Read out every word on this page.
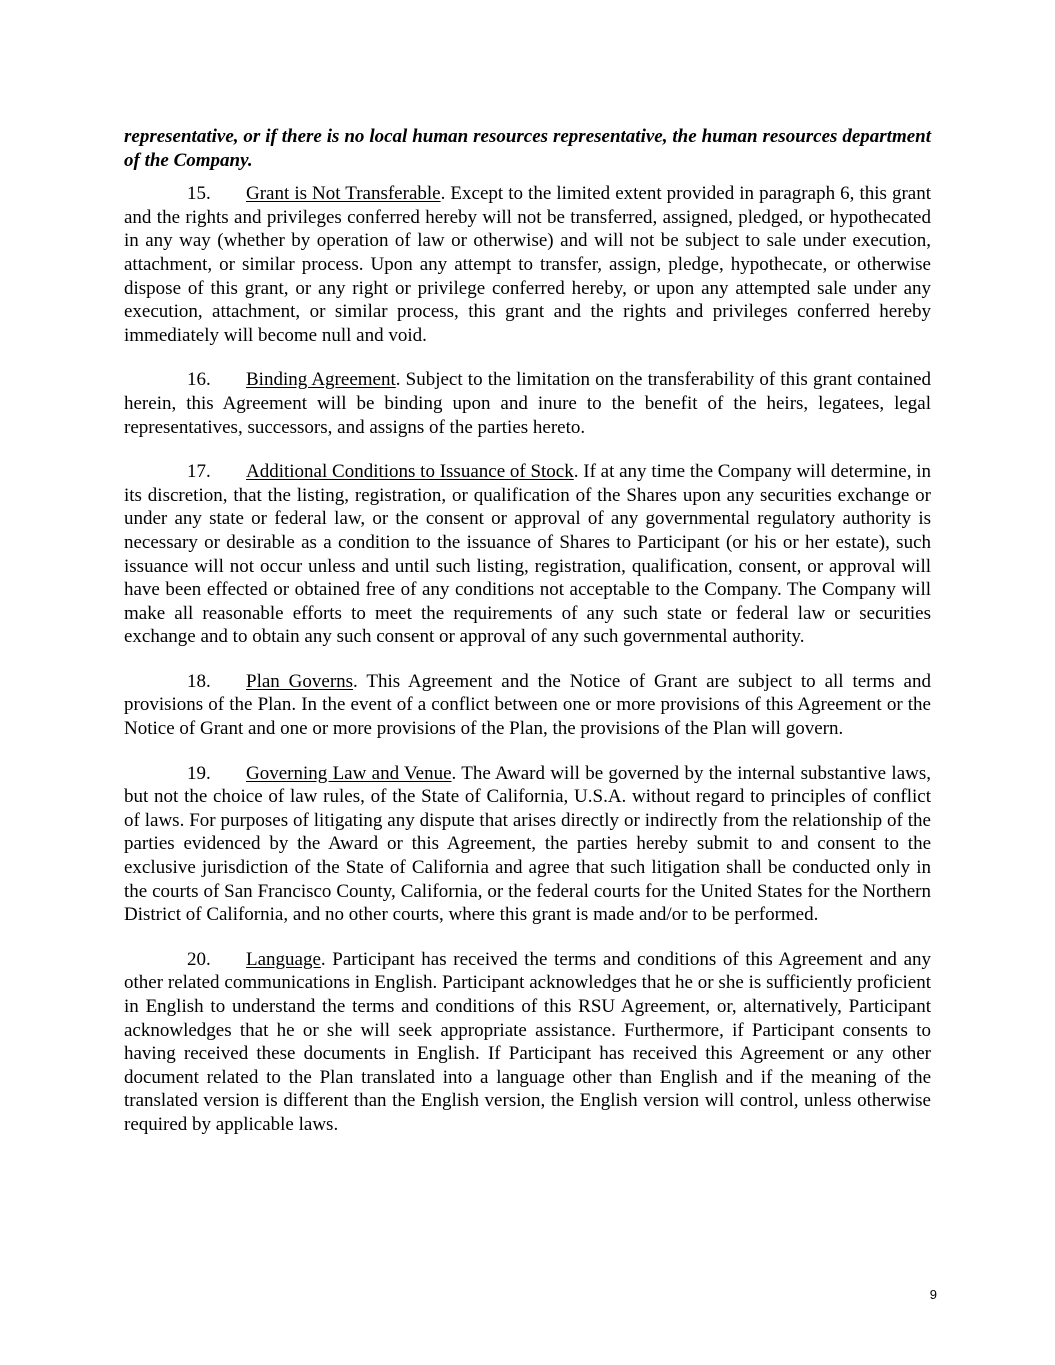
representative, or if there is no local human resources representative, the human resources department of the Company.

15. Grant is Not Transferable. Except to the limited extent provided in paragraph 6, this grant and the rights and privileges conferred hereby will not be transferred, assigned, pledged, or hypothecated in any way (whether by operation of law or otherwise) and will not be subject to sale under execution, attachment, or similar process. Upon any attempt to transfer, assign, pledge, hypothecate, or otherwise dispose of this grant, or any right or privilege conferred hereby, or upon any attempted sale under any execution, attachment, or similar process, this grant and the rights and privileges conferred hereby immediately will become null and void.

16. Binding Agreement. Subject to the limitation on the transferability of this grant contained herein, this Agreement will be binding upon and inure to the benefit of the heirs, legatees, legal representatives, successors, and assigns of the parties hereto.

17. Additional Conditions to Issuance of Stock. If at any time the Company will determine, in its discretion, that the listing, registration, or qualification of the Shares upon any securities exchange or under any state or federal law, or the consent or approval of any governmental regulatory authority is necessary or desirable as a condition to the issuance of Shares to Participant (or his or her estate), such issuance will not occur unless and until such listing, registration, qualification, consent, or approval will have been effected or obtained free of any conditions not acceptable to the Company. The Company will make all reasonable efforts to meet the requirements of any such state or federal law or securities exchange and to obtain any such consent or approval of any such governmental authority.

18. Plan Governs. This Agreement and the Notice of Grant are subject to all terms and provisions of the Plan. In the event of a conflict between one or more provisions of this Agreement or the Notice of Grant and one or more provisions of the Plan, the provisions of the Plan will govern.

19. Governing Law and Venue. The Award will be governed by the internal substantive laws, but not the choice of law rules, of the State of California, U.S.A. without regard to principles of conflict of laws. For purposes of litigating any dispute that arises directly or indirectly from the relationship of the parties evidenced by the Award or this Agreement, the parties hereby submit to and consent to the exclusive jurisdiction of the State of California and agree that such litigation shall be conducted only in the courts of San Francisco County, California, or the federal courts for the United States for the Northern District of California, and no other courts, where this grant is made and/or to be performed.

20. Language. Participant has received the terms and conditions of this Agreement and any other related communications in English. Participant acknowledges that he or she is sufficiently proficient in English to understand the terms and conditions of this RSU Agreement, or, alternatively, Participant acknowledges that he or she will seek appropriate assistance. Furthermore, if Participant consents to having received these documents in English. If Participant has received this Agreement or any other document related to the Plan translated into a language other than English and if the meaning of the translated version is different than the English version, the English version will control, unless otherwise required by applicable laws.

9
